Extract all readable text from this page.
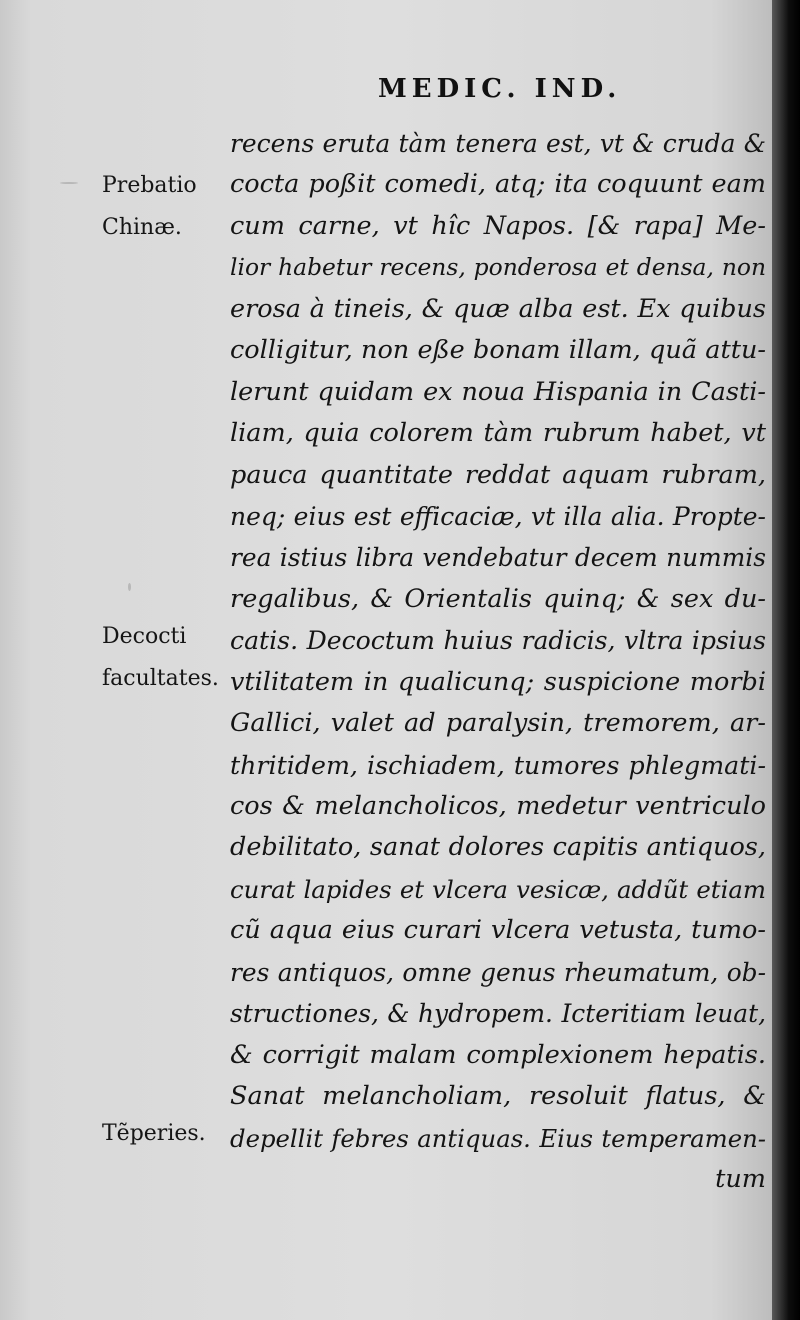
MEDIC. IND.
Prebatio
Chinæ.
Decocti
facultates.
Tẽperies.
recens eruta tàm tenera est, vt & cruda &
cocta poßit comedi, atq; ita coquunt eam
cum carne, vt hîc Napos. [& rapa] Me-
lior habetur recens, ponderosa et densa, non
erosa à tineis, & quæ alba est. Ex quibus
colligitur, non eße bonam illam, quã attu-
lerunt quidam ex noua Hispania in Casti-
liam, quia colorem tàm rubrum habet, vt
pauca quantitate reddat aquam rubram,
neq; eius est efficaciæ, vt illa alia. Propte-
rea istius libra vendebatur decem nummis
regalibus, & Orientalis quinq; & sex du-
catis. Decoctum huius radicis, vltra ipsius
vtilitatem in qualicunq; suspicione morbi
Gallici, valet ad paralysin, tremorem, ar-
thritidem, ischiadem, tumores phlegmati-
cos & melancholicos, medetur ventriculo
debilitato, sanat dolores capitis antiquos,
curat lapides et vlcera vesicæ, addũt etiam
cũ aqua eius curari vlcera vetusta, tumo-
res antiquos, omne genus rheumatum, ob-
structiones, & hydropem. Icteritiam leuat,
& corrigit malam complexionem hepatis.
Sanat melancholiam, resoluit flatus, &
depellit febres antiquas. Eius temperamen-
tum
